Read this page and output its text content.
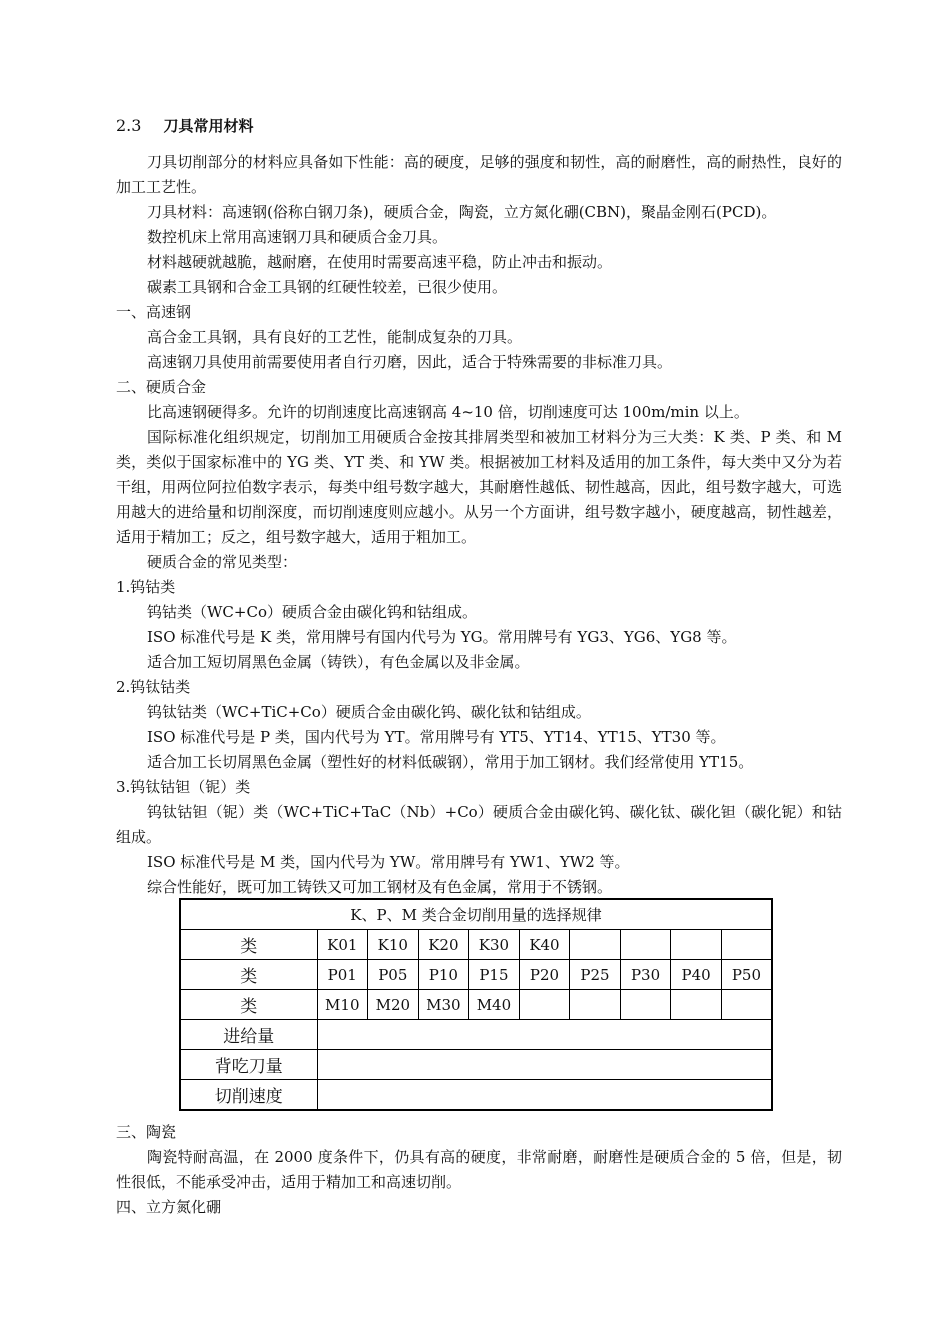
2.3 刀具常用材料

刀具切削部分的材料应具备如下性能：高的硬度，足够的强度和韧性，高的耐磨性，高的耐热性，良好的加工工艺性。

刀具材料：高速钢(俗称白钢刀条)，硬质合金，陶瓷，立方氮化硼(CBN)，聚晶金刚石(PCD)。

数控机床上常用高速钢刀具和硬质合金刀具。

材料越硬就越脆，越耐磨，在使用时需要高速平稳，防止冲击和振动。

碳素工具钢和合金工具钢的红硬性较差，已很少使用。

一、高速钢

高合金工具钢，具有良好的工艺性，能制成复杂的刀具。

高速钢刀具使用前需要使用者自行刃磨，因此，适合于特殊需要的非标准刀具。

二、硬质合金

比高速钢硬得多。允许的切削速度比高速钢高 4~10 倍，切削速度可达 100m/min 以上。

国际标准化组织规定，切削加工用硬质合金按其排屑类型和被加工材料分为三大类：K 类、P 类、和 M 类，类似于国家标准中的 YG 类、YT 类、和 YW 类。根据被加工材料及适用的加工条件，每大类中又分为若干组，用两位阿拉伯数字表示，每类中组号数字越大，其耐磨性越低、韧性越高，因此，组号数字越大，可选用越大的进给量和切削深度，而切削速度则应越小。从另一个方面讲，组号数字越小，硬度越高，韧性越差，适用于精加工；反之，组号数字越大，适用于粗加工。

硬质合金的常见类型：

1.钨钴类

钨钴类（WC+Co）硬质合金由碳化钨和钴组成。

ISO 标准代号是 K 类，常用牌号有国内代号为 YG。常用牌号有 YG3、YG6、YG8 等。

适合加工短切屑黑色金属（铸铁），有色金属以及非金属。

2.钨钛钴类

钨钛钴类（WC+TiC+Co）硬质合金由碳化钨、碳化钛和钴组成。

ISO 标准代号是 P 类，国内代号为 YT。常用牌号有 YT5、YT14、YT15、YT30 等。

适合加工长切屑黑色金属（塑性好的材料低碳钢），常用于加工钢材。我们经常使用 YT15。

3.钨钛钴钽（铌）类

钨钛钴钽（铌）类（WC+TiC+TaC（Nb）+Co）硬质合金由碳化钨、碳化钛、碳化钽（碳化铌）和钴组成。

ISO 标准代号是 M 类，国内代号为 YW。常用牌号有 YW1、YW2 等。

综合性能好，既可加工铸铁又可加工钢材及有色金属，常用于不锈钢。

K、P、M 类合金切削用量的选择规律									
类	K01	K10	K20	K30	K40				
类	P01	P05	P10	P15	P20	P25	P30	P40	P50
类	M10	M20	M30	M40					
进给量									
背吃刀量									
切削速度									
三、陶瓷

陶瓷特耐高温，在 2000 度条件下，仍具有高的硬度，非常耐磨，耐磨性是硬质合金的 5 倍，但是，韧性很低，不能承受冲击，适用于精加工和高速切削。

四、立方氮化硼
